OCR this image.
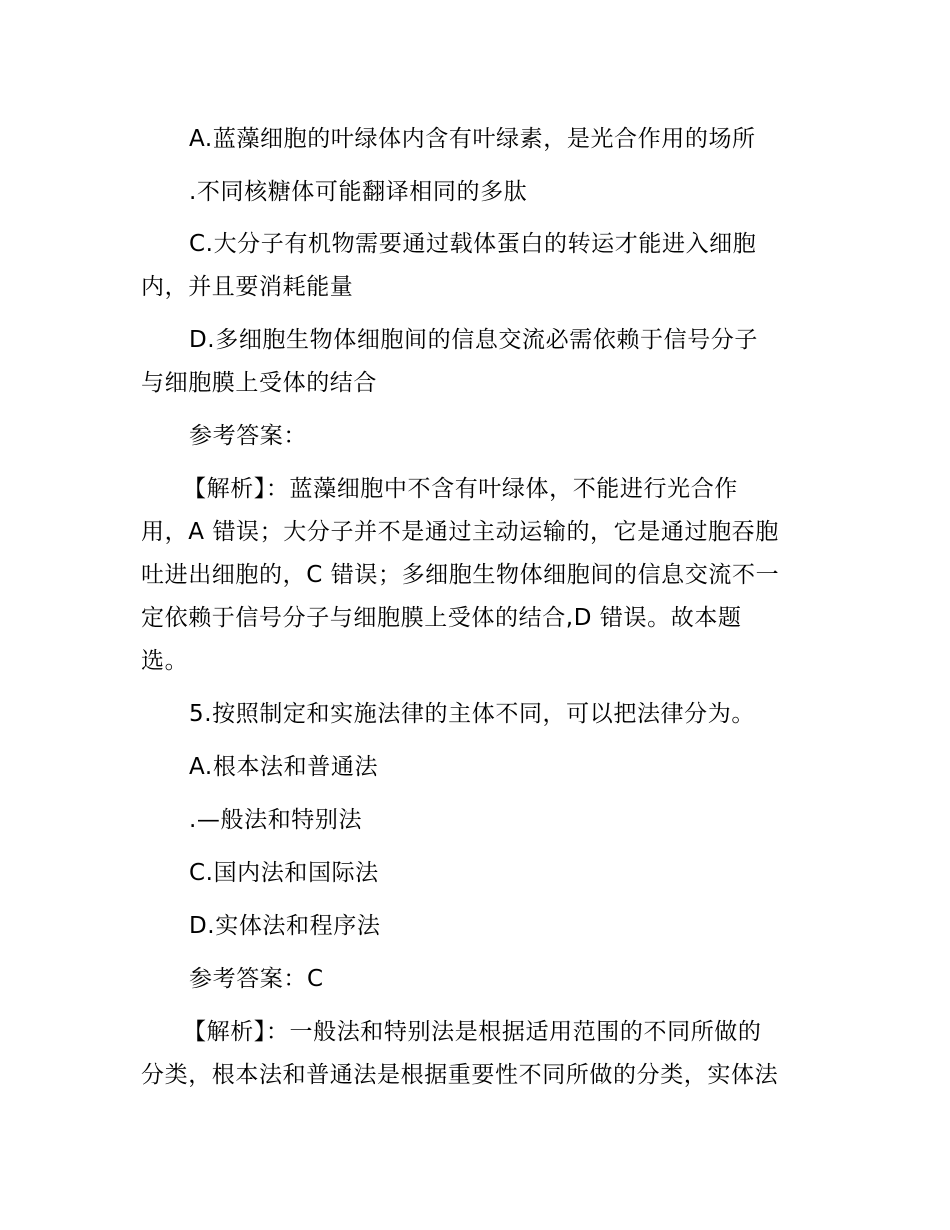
A.蓝藻细胞的叶绿体内含有叶绿素，是光合作用的场所
.不同核糖体可能翻译相同的多肽
C.大分子有机物需要通过载体蛋白的转运才能进入细胞
内，并且要消耗能量
D.多细胞生物体细胞间的信息交流必需依赖于信号分子
与细胞膜上受体的结合
参考答案：
【解析】：蓝藻细胞中不含有叶绿体，不能进行光合作
用，A 错误；大分子并不是通过主动运输的，它是通过胞吞胞
吐进出细胞的，C 错误；多细胞生物体细胞间的信息交流不一
定依赖于信号分子与细胞膜上受体的结合,D 错误。故本题
选。
5.按照制定和实施法律的主体不同，可以把法律分为。
A.根本法和普通法
.—般法和特别法
C.国内法和国际法
D.实体法和程序法
参考答案：C
【解析】：一般法和特别法是根据适用范围的不同所做的
分类，根本法和普通法是根据重要性不同所做的分类，实体法
